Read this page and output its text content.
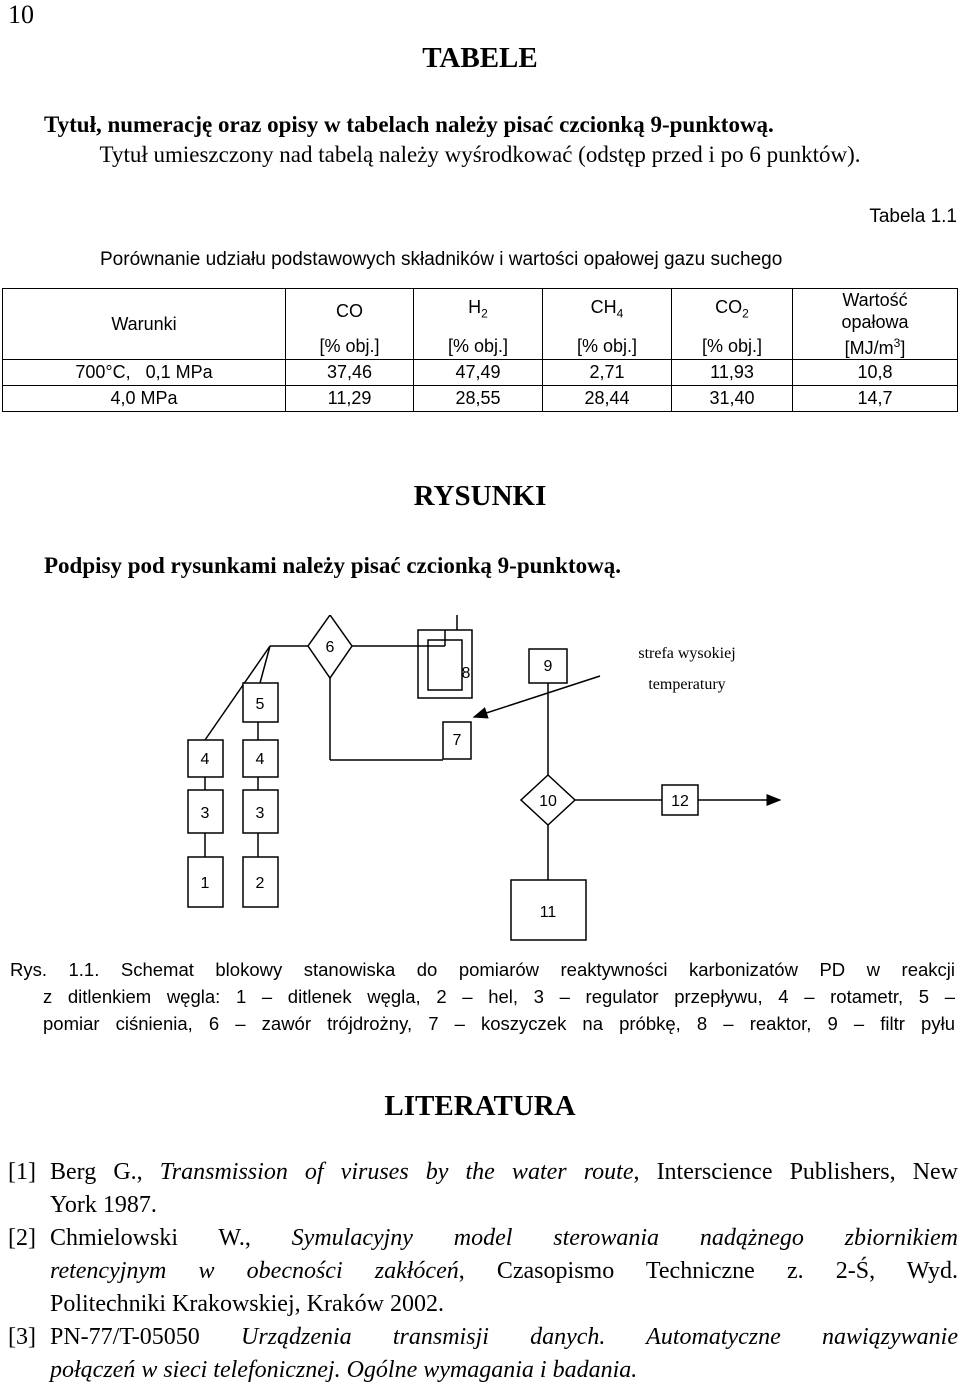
10
TABELE
Tytuł, numerację oraz opisy w tabelach należy pisać czcionką 9-punktową.
Tytuł umieszczony nad tabelą należy wyśrodkować (odstęp przed i po 6 punktów).
Tabela 1.1
Porównanie udziału podstawowych składników i wartości opałowej gazu suchego
Warunki	CO	$H_2$	$CH_4$	$CO_2$	Wartość
opałowa

	[% obj.]	[% obj.]	[% obj.]	[% obj.]	$[MJ/m^3]$
700°C,   0,1 MPa	37,46	47,49	2,71	11,93	10,8
4,0 MPa	11,29	28,55	28,44	31,40	14,7
RYSUNKI
Podpisy pod rysunkami należy pisać czcionką 9-punktową.
4	4
5
3	3
1	2
6
7
8	9
10	12
11
strefa wysokiej
temperatury
Rys. 1.1. Schemat blokowy stanowiska do pomiarów reaktywności karbonizatów PD w reakcji
z ditlenkiem węgla: 1 – ditlenek węgla, 2 – hel, 3 – regulator przepływu, 4 – rotametr, 5 –
pomiar ciśnienia, 6 – zawór trójdrożny, 7 – koszyczek na próbkę, 8 – reaktor, 9 – filtr pyłu
LITERATURA
[1] Berg G., Transmission of viruses by the water route, Interscience Publishers, New
York 1987.
[2] Chmielowski W., Symulacyjny model sterowania nadążnego zbiornikiem
retencyjnym w obecności zakłóceń, Czasopismo Techniczne z. 2-Ś, Wyd.
Politechniki Krakowskiej, Kraków 2002.
[3] PN-77/T-05050 Urządzenia transmisji danych. Automatyczne nawiązywanie
połączeń w sieci telefonicznej. Ogólne wymagania i badania.
